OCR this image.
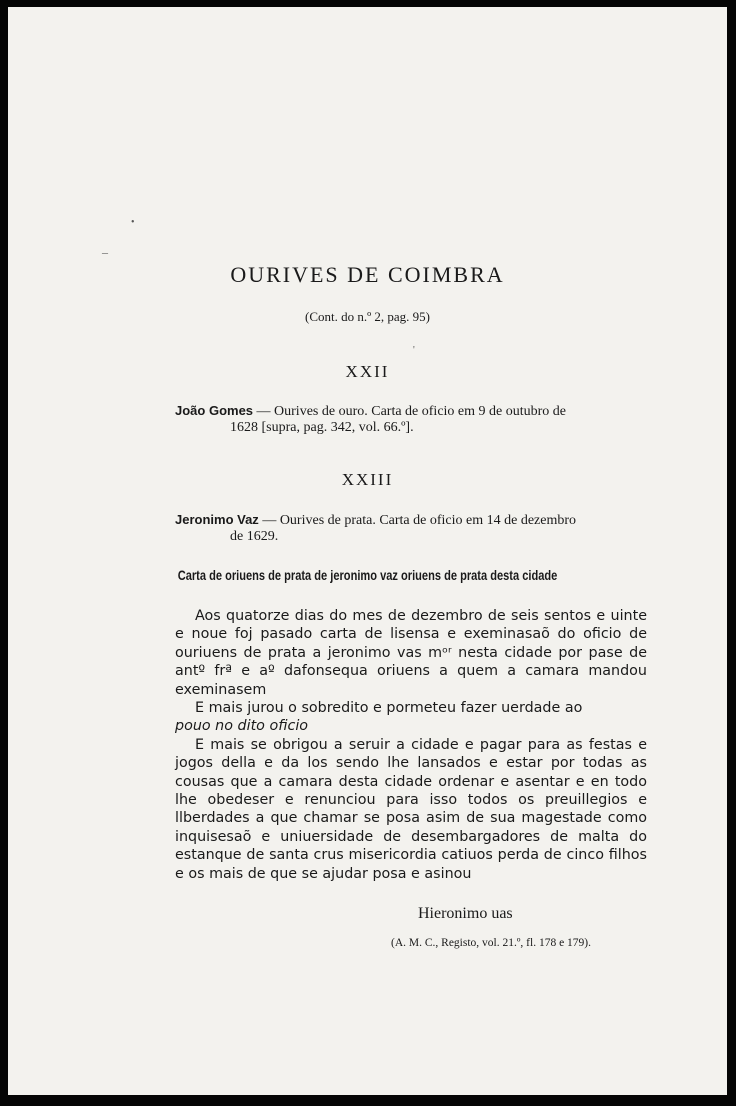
•
–
'
OURIVES DE COIMBRA
(Cont. do n.º 2, pag. 95)
XXII
João Gomes — Ourives de ouro. Carta de oficio em 9 de outubro de
1628 [supra, pag. 342, vol. 66.º].
XXIII
Jeronimo Vaz — Ourives de prata. Carta de oficio em 14 de dezembro
de 1629.
Carta de oriuens de prata de jeronimo vaz oriuens de prata desta cidade

Aos quatorze dias do mes de dezembro de seis sentos e uinte e noue foj pasado carta de lisensa e exeminasaõ do oficio de ouriuens de prata a jeronimo vas mᵒʳ nesta cidade por pase de antº frª e aº dafonsequa oriuens a quem a camara mandou exeminasem

E mais jurou o sobredito e pormeteu fazer uerdade ao

pouo no dito oficio

E mais se obrigou a seruir a cidade e pagar para as festas e jogos della e da los sendo lhe lansados e estar por todas as cousas que a camara desta cidade ordenar e asentar e en todo lhe obedeser e renunciou para isso todos os preuillegios e llberdades a que chamar se posa asim de sua magestade como inquisesaõ e uniuersidade de desembargadores de malta do estanque de santa crus misericordia catiuos perda de cinco filhos e os mais de que se ajudar posa e asinou

Hieronimo uas
(A. M. C., Registo, vol. 21.º, fl. 178 e 179).
